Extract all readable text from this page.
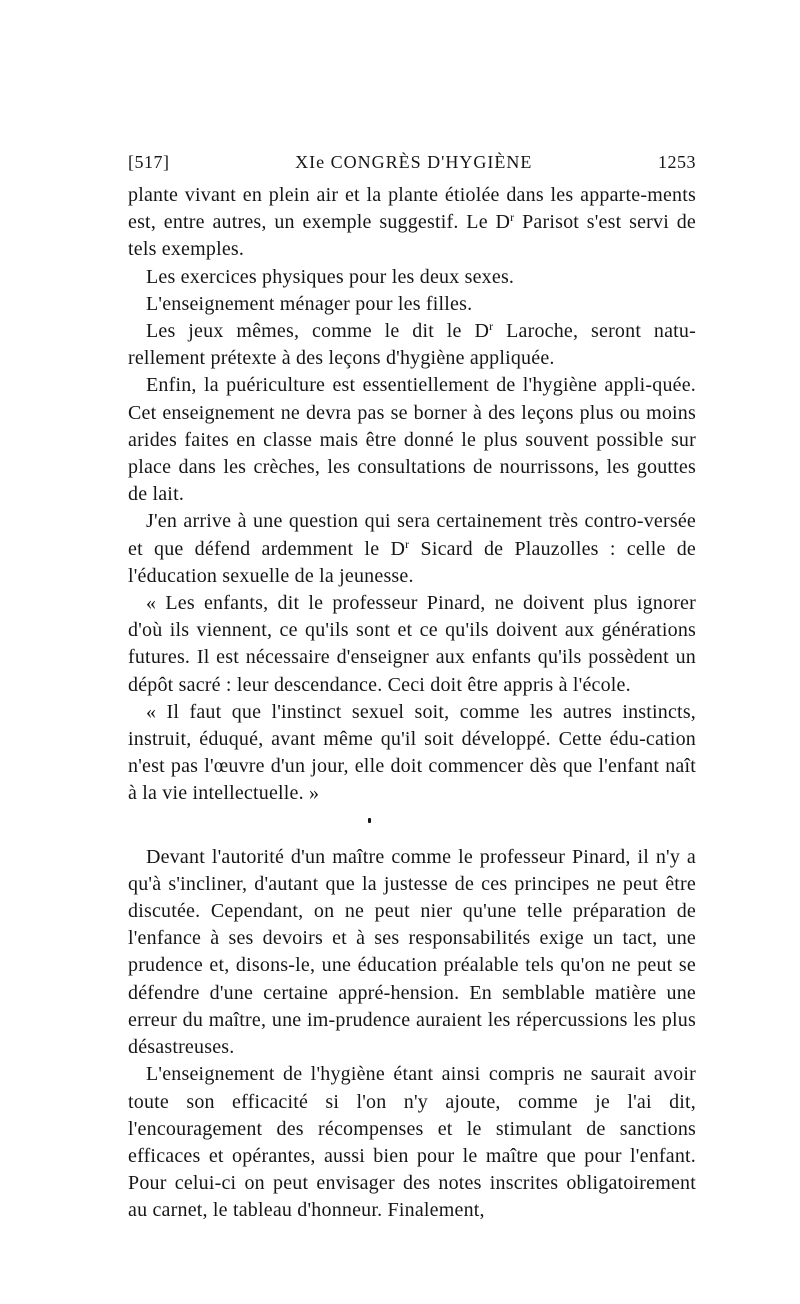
[517]	XIe CONGRÈS D'HYGIÈNE	1253

plante vivant en plein air et la plante étiolée dans les apparte-ments est, entre autres, un exemple suggestif. Le $D^r$ Parisot s'est servi de tels exemples.

Les exercices physiques pour les deux sexes.

L'enseignement ménager pour les filles.

Les jeux mêmes, comme le dit le $D^r$ Laroche, seront natu-rellement prétexte à des leçons d'hygiène appliquée.

Enfin, la puériculture est essentiellement de l'hygiène appli-quée. Cet enseignement ne devra pas se borner à des leçons plus ou moins arides faites en classe mais être donné le plus souvent possible sur place dans les crèches, les consultations de nourrissons, les gouttes de lait.

J'en arrive à une question qui sera certainement très contro-versée et que défend ardemment le $D^r$ Sicard de Plauzolles : celle de l'éducation sexuelle de la jeunesse.

« Les enfants, dit le professeur Pinard, ne doivent plus ignorer d'où ils viennent, ce qu'ils sont et ce qu'ils doivent aux générations futures. Il est nécessaire d'enseigner aux enfants qu'ils possèdent un dépôt sacré : leur descendance. Ceci doit être appris à l'école.

« Il faut que l'instinct sexuel soit, comme les autres instincts, instruit, éduqué, avant même qu'il soit développé. Cette édu-cation n'est pas l'œuvre d'un jour, elle doit commencer dès que l'enfant naît à la vie intellectuelle. »

Devant l'autorité d'un maître comme le professeur Pinard, il n'y a qu'à s'incliner, d'autant que la justesse de ces principes ne peut être discutée. Cependant, on ne peut nier qu'une telle préparation de l'enfance à ses devoirs et à ses responsabilités exige un tact, une prudence et, disons-le, une éducation préalable tels qu'on ne peut se défendre d'une certaine appré-hension. En semblable matière une erreur du maître, une im-prudence auraient les répercussions les plus désastreuses.

L'enseignement de l'hygiène étant ainsi compris ne saurait avoir toute son efficacité si l'on n'y ajoute, comme je l'ai dit, l'encouragement des récompenses et le stimulant de sanctions efficaces et opérantes, aussi bien pour le maître que pour l'enfant. Pour celui-ci on peut envisager des notes inscrites obligatoirement au carnet, le tableau d'honneur. Finalement,
